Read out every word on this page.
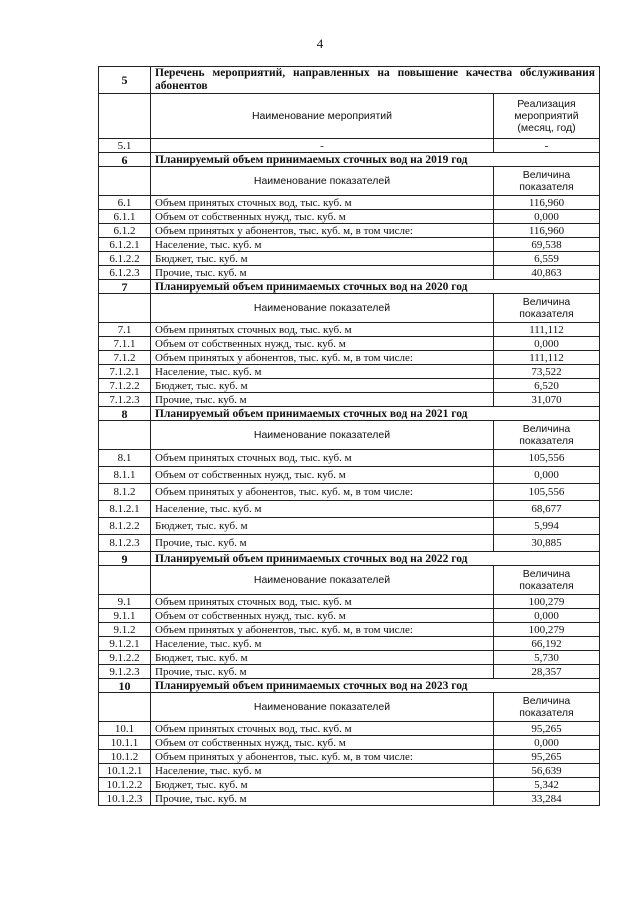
4
5	Перечень мероприятий, направленных на повышение качества обслуживания абонентов	
	Наименование мероприятий	Реализация мероприятий (месяц, год)
5.1	-	-
6	Планируемый объем принимаемых сточных вод на 2019 год	
	Наименование показателей	Величина показателя
6.1	Объем принятых сточных вод, тыс. куб. м	116,960
6.1.1	Объем от собственных нужд, тыс. куб. м	0,000
6.1.2	Объем принятых у абонентов, тыс. куб. м, в том числе:	116,960
6.1.2.1	Население, тыс. куб. м	69,538
6.1.2.2	Бюджет, тыс. куб. м	6,559
6.1.2.3	Прочие, тыс. куб. м	40,863
7	Планируемый объем принимаемых сточных вод на 2020 год	
	Наименование показателей	Величина показателя
7.1	Объем принятых сточных вод, тыс. куб. м	111,112
7.1.1	Объем от собственных нужд, тыс. куб. м	0,000
7.1.2	Объем принятых у абонентов, тыс. куб. м, в том числе:	111,112
7.1.2.1	Население, тыс. куб. м	73,522
7.1.2.2	Бюджет, тыс. куб. м	6,520
7.1.2.3	Прочие, тыс. куб. м	31,070
8	Планируемый объем принимаемых сточных вод на 2021 год	
	Наименование показателей	Величина показателя
8.1	Объем принятых сточных вод, тыс. куб. м	105,556
8.1.1	Объем от собственных нужд, тыс. куб. м	0,000
8.1.2	Объем принятых у абонентов, тыс. куб. м, в том числе:	105,556
8.1.2.1	Население, тыс. куб. м	68,677
8.1.2.2	Бюджет, тыс. куб. м	5,994
8.1.2.3	Прочие, тыс. куб. м	30,885
9	Планируемый объем принимаемых сточных вод на 2022 год	
	Наименование показателей	Величина показателя
9.1	Объем принятых сточных вод, тыс. куб. м	100,279
9.1.1	Объем от собственных нужд, тыс. куб. м	0,000
9.1.2	Объем принятых у абонентов, тыс. куб. м, в том числе:	100,279
9.1.2.1	Население, тыс. куб. м	66,192
9.1.2.2	Бюджет, тыс. куб. м	5,730
9.1.2.3	Прочие, тыс. куб. м	28,357
10	Планируемый объем принимаемых сточных вод на 2023 год	
	Наименование показателей	Величина показателя
10.1	Объем принятых сточных вод, тыс. куб. м	95,265
10.1.1	Объем от собственных нужд, тыс. куб. м	0,000
10.1.2	Объем принятых у абонентов, тыс. куб. м, в том числе:	95,265
10.1.2.1	Население, тыс. куб. м	56,639
10.1.2.2	Бюджет, тыс. куб. м	5,342
10.1.2.3	Прочие, тыс. куб. м	33,284
